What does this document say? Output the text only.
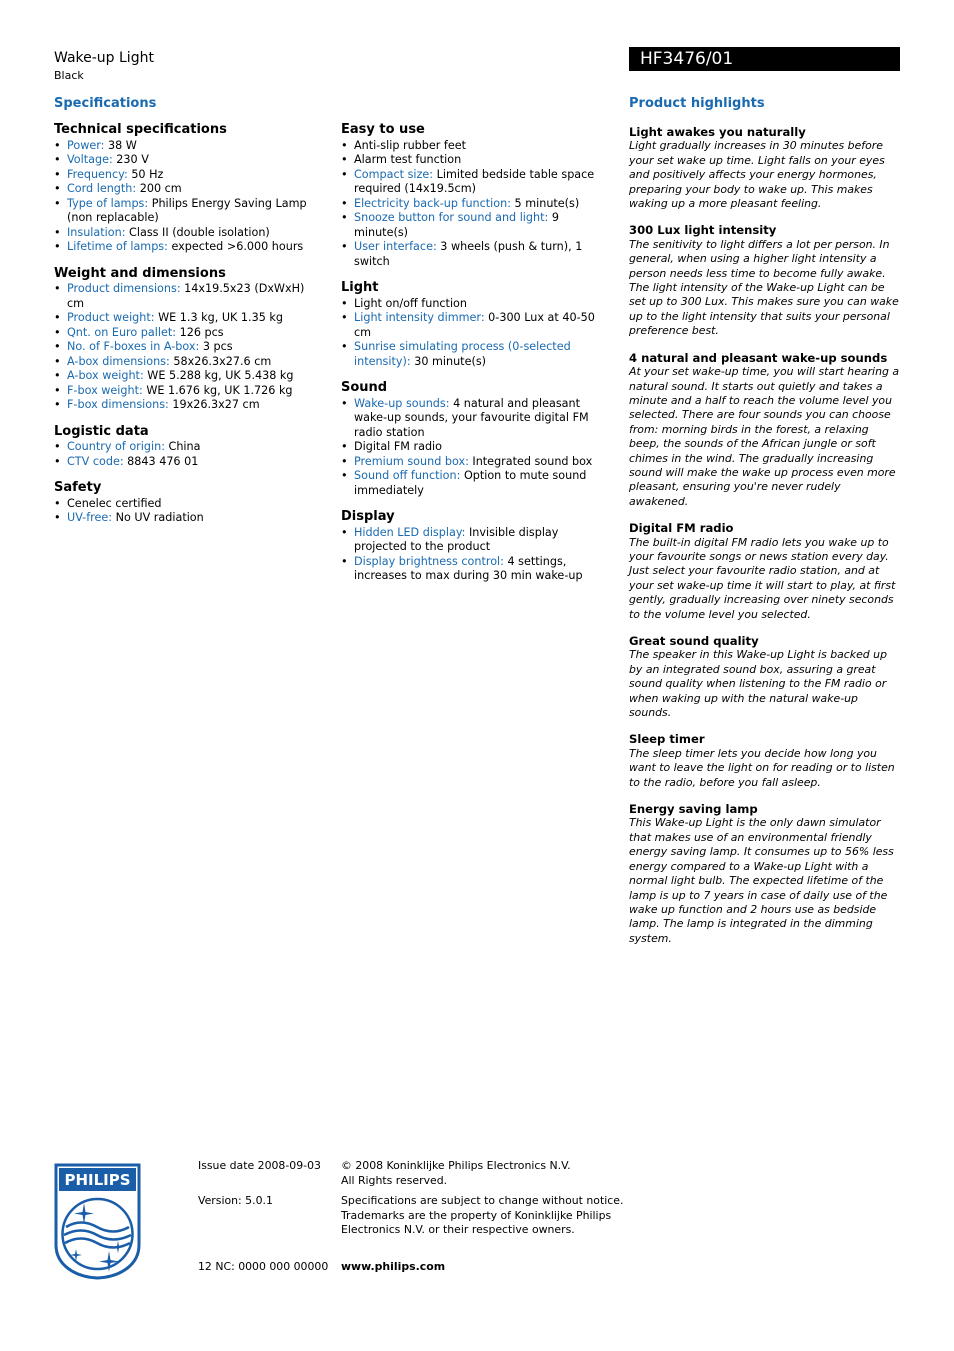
Wake-up Light
Black
HF3476/01
Specifications	Product highlights
Technical specifications
• Power: 38 W
• Voltage: 230 V
• Frequency: 50 Hz
• Cord length: 200 cm
• Type of lamps: Philips Energy Saving Lamp (non replacable)
• Insulation: Class II (double isolation)
• Lifetime of lamps: expected >6.000 hours
Weight and dimensions
• Product dimensions: 14x19.5x23 (DxWxH) cm
• Product weight: WE 1.3 kg, UK 1.35 kg
• Qnt. on Euro pallet: 126 pcs
• No. of F-boxes in A-box: 3 pcs
• A-box dimensions: 58x26.3x27.6 cm
• A-box weight: WE 5.288 kg, UK 5.438 kg
• F-box weight: WE 1.676 kg, UK 1.726 kg
• F-box dimensions: 19x26.3x27 cm
Logistic data
• Country of origin: China
• CTV code: 8843 476 01
Safety
• Cenelec certified
• UV-free: No UV radiation
Easy to use
• Anti-slip rubber feet
• Alarm test function
• Compact size: Limited bedside table space required (14x19.5cm)
• Electricity back-up function: 5 minute(s)
• Snooze button for sound and light: 9 minute(s)
• User interface: 3 wheels (push & turn), 1 switch
Light
• Light on/off function
• Light intensity dimmer: 0-300 Lux at 40-50 cm
• Sunrise simulating process (0-selected intensity): 30 minute(s)
Sound
• Wake-up sounds: 4 natural and pleasant wake-up sounds, your favourite digital FM radio station
• Digital FM radio
• Premium sound box: Integrated sound box
• Sound off function: Option to mute sound immediately
Display
• Hidden LED display: Invisible display projected to the product
• Display brightness control: 4 settings, increases to max during 30 min wake-up
Light awakes you naturally
Light gradually increases in 30 minutes before your set wake up time. Light falls on your eyes and positively affects your energy hormones, preparing your body to wake up. This makes waking up a more pleasant feeling.
300 Lux light intensity
The senitivity to light differs a lot per person. In general, when using a higher light intensity a person needs less time to become fully awake. The light intensity of the Wake-up Light can be set up to 300 Lux. This makes sure you can wake up to the light intensity that suits your personal preference best.
4 natural and pleasant wake-up sounds
At your set wake-up time, you will start hearing a natural sound. It starts out quietly and takes a minute and a half to reach the volume level you selected. There are four sounds you can choose from: morning birds in the forest, a relaxing beep, the sounds of the African jungle or soft chimes in the wind. The gradually increasing sound will make the wake up process even more pleasant, ensuring you're never rudely awakened.
Digital FM radio
The built-in digital FM radio lets you wake up to your favourite songs or news station every day. Just select your favourite radio station, and at your set wake-up time it will start to play, at first gently, gradually increasing over ninety seconds to the volume level you selected.
Great sound quality
The speaker in this Wake-up Light is backed up by an integrated sound box, assuring a great sound quality when listening to the FM radio or when waking up with the natural wake-up sounds.
Sleep timer
The sleep timer lets you decide how long you want to leave the light on for reading or to listen to the radio, before you fall asleep.
Energy saving lamp
This Wake-up Light is the only dawn simulator that makes use of an environmental friendly energy saving lamp. It consumes up to 56% less energy compared to a Wake-up Light with a normal light bulb. The expected lifetime of the lamp is up to 7 years in case of daily use of the wake up function and 2 hours use as bedside lamp. The lamp is integrated in the dimming system.
PHILIPS
Issue date 2008-09-03
Version: 5.0.1
12 NC: 0000 000 00000
© 2008 Koninklijke Philips Electronics N.V.
All Rights reserved.
Specifications are subject to change without notice.
Trademarks are the property of Koninklijke Philips
Electronics N.V. or their respective owners.
www.philips.com
